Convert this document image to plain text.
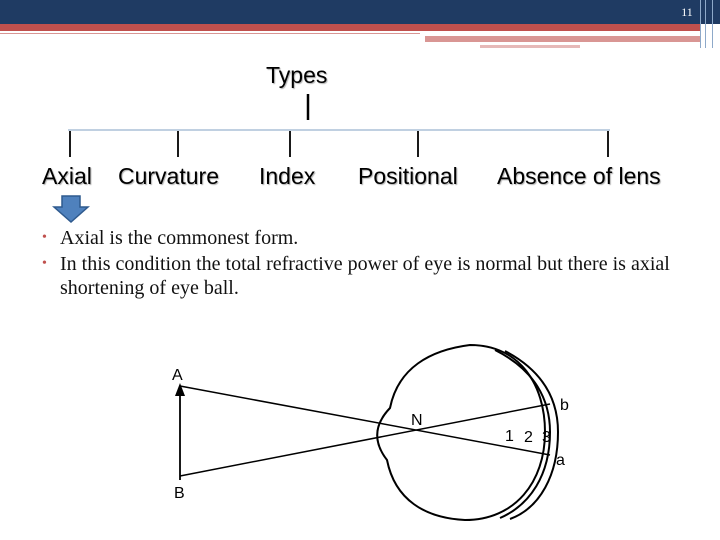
11
Types
A
B
N
b
a
1 2 3
Axial Curvature Index Positional Absence of lens
• Axial is the commonest form.
• In this condition the total refractive power of eye is normal but there is axial shortening of eye ball.
